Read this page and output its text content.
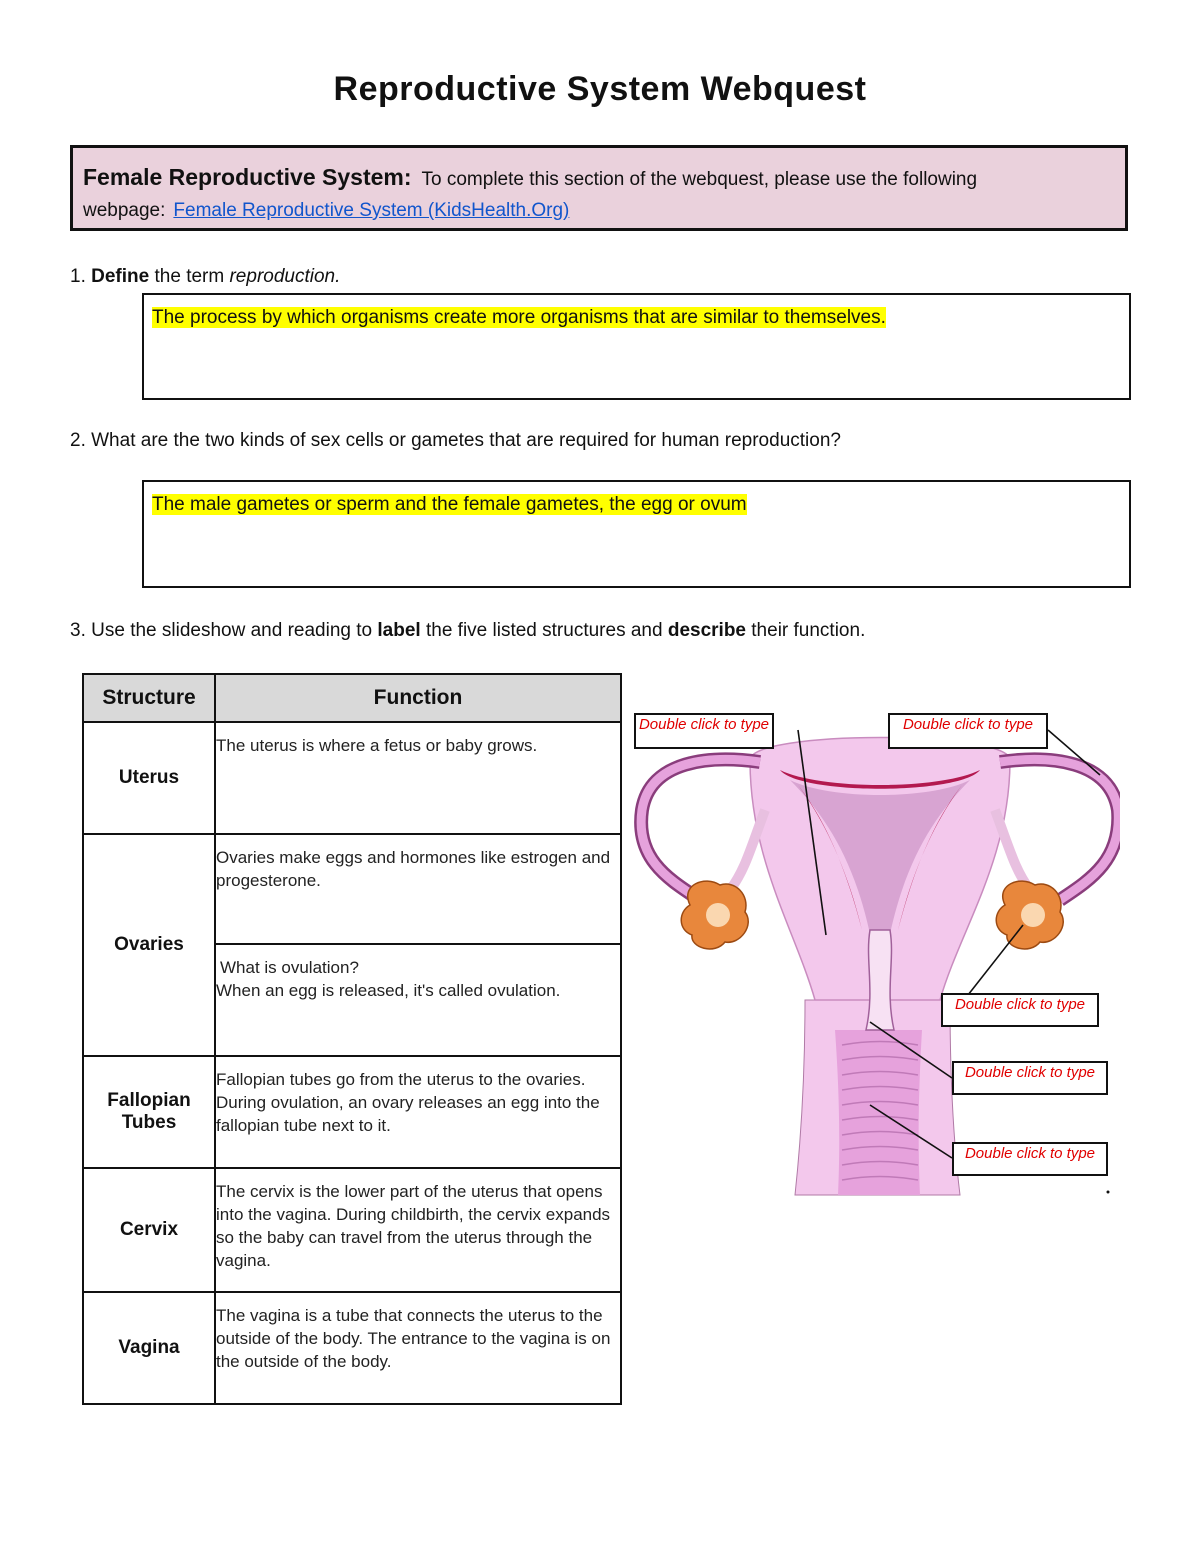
Reproductive System Webquest
Female Reproductive System: To complete this section of the webquest, please use the following webpage: Female Reproductive System (KidsHealth.Org)
1. Define the term reproduction.
The process by which organisms create more organisms that are similar to themselves.
2. What are the two kinds of sex cells or gametes that are required for human reproduction?
The male gametes or sperm and the female gametes, the egg or ovum
3. Use the slideshow and reading to label the five listed structures and describe their function.
Structure	Function
Uterus	The uterus is where a fetus or baby grows.
Ovaries	Ovaries make eggs and hormones like estrogen and progesterone.

	What is ovulation?
When an egg is released, it's called ovulation.

Fallopian
Tubes	Fallopian tubes go from the uterus to the ovaries. During ovulation, an ovary releases an egg into the fallopian tube next to it.
Cervix	The cervix is the lower part of the uterus that opens into the vagina. During childbirth, the cervix expands so the baby can travel from the uterus through the vagina.
Vagina	The vagina is a tube that connects the uterus to the outside of the body. The entrance to the vagina is on the outside of the body.
Double click to type	Double click to type
Double click to type
Double click to type
Double click to type
